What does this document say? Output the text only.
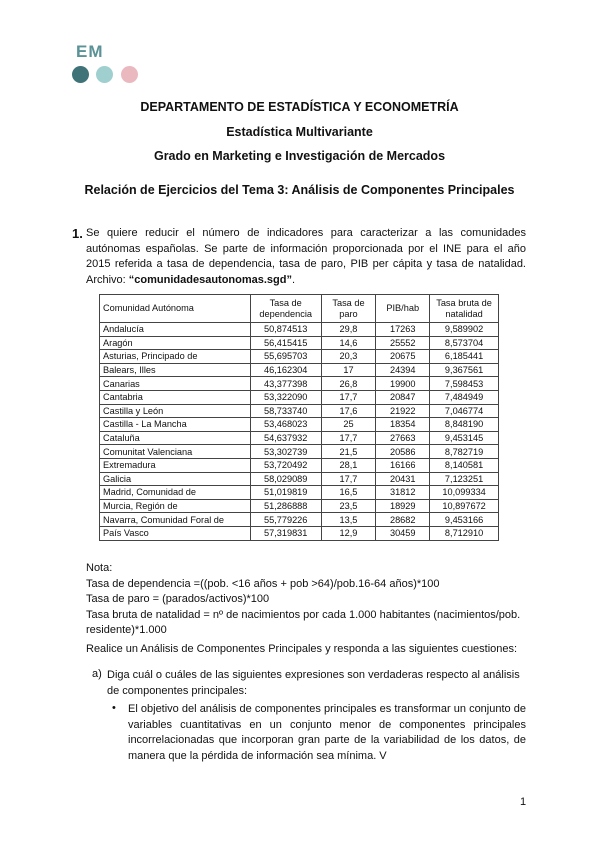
EM
DEPARTAMENTO DE ESTADÍSTICA Y ECONOMETRÍA
Estadística Multivariante
Grado en Marketing e Investigación de Mercados
Relación de Ejercicios del Tema 3: Análisis de Componentes Principales
1. Se quiere reducir el número de indicadores para caracterizar a las comunidades autónomas españolas. Se parte de información proporcionada por el INE para el año 2015 referida a tasa de dependencia, tasa de paro, PIB per cápita y tasa de natalidad. Archivo: “comunidadesautonomas.sgd”.
Comunidad Autónoma	Tasa de dependencia	Tasa de paro	PIB/hab	Tasa bruta de natalidad
Andalucía	50,874513	29,8	17263	9,589902
Aragón	56,415415	14,6	25552	8,573704
Asturias, Principado de	55,695703	20,3	20675	6,185441
Balears, Illes	46,162304	17	24394	9,367561
Canarias	43,377398	26,8	19900	7,598453
Cantabria	53,322090	17,7	20847	7,484949
Castilla y León	58,733740	17,6	21922	7,046774
Castilla - La Mancha	53,468023	25	18354	8,848190
Cataluña	54,637932	17,7	27663	9,453145
Comunitat Valenciana	53,302739	21,5	20586	8,782719
Extremadura	53,720492	28,1	16166	8,140581
Galicia	58,029089	17,7	20431	7,123251
Madrid, Comunidad de	51,019819	16,5	31812	10,099334
Murcia, Región de	51,286888	23,5	18929	10,897672
Navarra, Comunidad Foral de	55,779226	13,5	28682	9,453166
País Vasco	57,319831	12,9	30459	8,712910
Nota:
Tasa de dependencia =((pob. <16 años + pob >64)/pob.16-64 años)*100
Tasa de paro = (parados/activos)*100
Tasa bruta de natalidad = nº de nacimientos por cada 1.000 habitantes (nacimientos/pob. residente)*1.000
Realice un Análisis de Componentes Principales y responda a las siguientes cuestiones:
a) Diga cuál o cuáles de las siguientes expresiones son verdaderas respecto al análisis de componentes principales:
• El objetivo del análisis de componentes principales es transformar un conjunto de variables cuantitativas en un conjunto menor de componentes principales incorrelacionadas que incorporan gran parte de la variabilidad de los datos, de manera que la pérdida de información sea mínima. V
1
